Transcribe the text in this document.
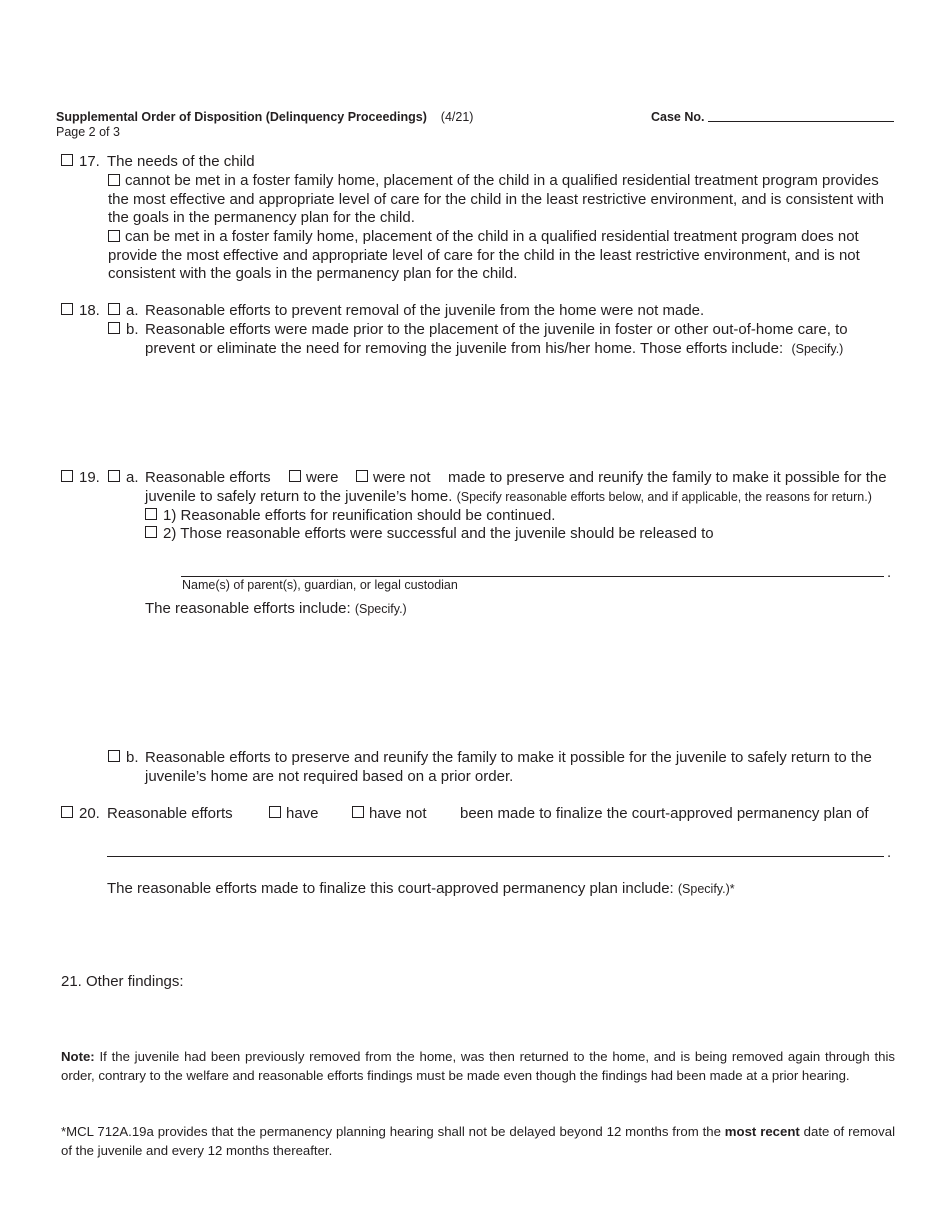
Supplemental Order of Disposition (Delinquency Proceedings) (4/21)
Page 2 of 3
Case No.
17. The needs of the child
cannot be met in a foster family home, placement of the child in a qualified residential treatment program provides the most effective and appropriate level of care for the child in the least restrictive environment, and is consistent with the goals in the permanency plan for the child.
can be met in a foster family home, placement of the child in a qualified residential treatment program does not provide the most effective and appropriate level of care for the child in the least restrictive environment, and is not consistent with the goals in the permanency plan for the child.
18. a. Reasonable efforts to prevent removal of the juvenile from the home were not made.
b. Reasonable efforts were made prior to the placement of the juvenile in foster or other out-of-home care, to
prevent or eliminate the need for removing the juvenile from his/her home. Those efforts include: (Specify.)
19. a. Reasonable efforts were were not made to preserve and reunify the family to make it possible for the
juvenile to safely return to the juvenile’s home. (Specify reasonable efforts below, and if applicable, the reasons for return.)
1) Reasonable efforts for reunification should be continued.
2) Those reasonable efforts were successful and the juvenile should be released to
.
Name(s) of parent(s), guardian, or legal custodian
The reasonable efforts include: (Specify.)
b. Reasonable efforts to preserve and reunify the family to make it possible for the juvenile to safely return to the
juvenile’s home are not required based on a prior order.
20. Reasonable efforts	have	have not been made to finalize the court-approved permanency plan of
.
The reasonable efforts made to finalize this court-approved permanency plan include: (Specify.)*
21. Other findings:
Note: If the juvenile had been previously removed from the home, was then returned to the home, and is being removed again through this order, contrary to the welfare and reasonable efforts findings must be made even though the findings had been made at a prior hearing.
*MCL 712A.19a provides that the permanency planning hearing shall not be delayed beyond 12 months from the most recent date of removal of the juvenile and every 12 months thereafter.
